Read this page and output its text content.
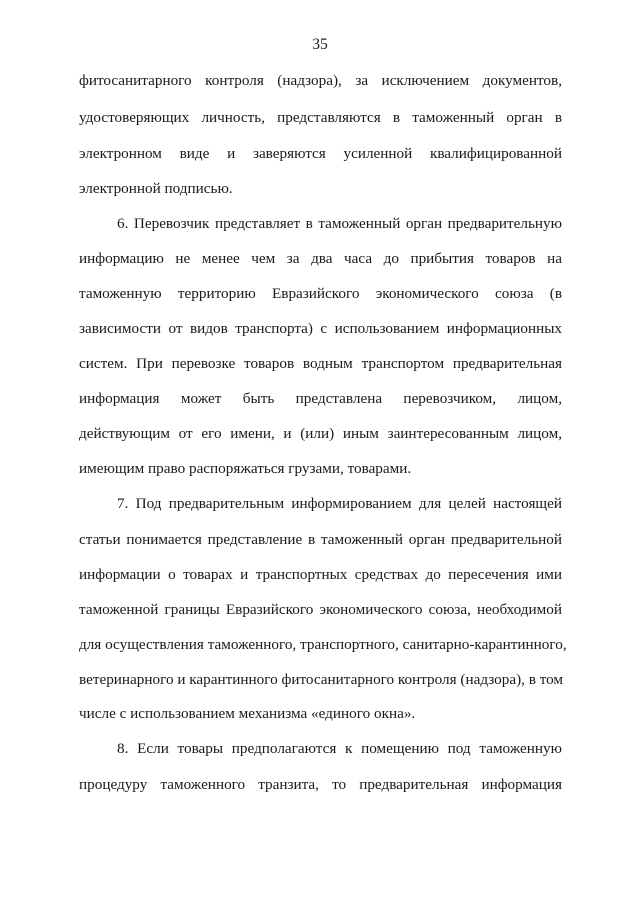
35
фитосанитарного контроля (надзора), за исключением документов,
удостоверяющих личность, представляются в таможенный орган в
электронном виде и заверяются усиленной квалифицированной
электронной подписью.
6. Перевозчик представляет в таможенный орган предварительную
информацию не менее чем за два часа до прибытия товаров на
таможенную территорию Евразийского экономического союза (в
зависимости от видов транспорта) с использованием информационных
систем. При перевозке товаров водным транспортом предварительная
информация может быть представлена перевозчиком, лицом,
действующим от его имени, и (или) иным заинтересованным лицом,
имеющим право распоряжаться грузами, товарами.
7. Под предварительным информированием для целей настоящей
статьи понимается представление в таможенный орган предварительной
информации о товарах и транспортных средствах до пересечения ими
таможенной границы Евразийского экономического союза, необходимой
для осуществления таможенного, транспортного, санитарно-карантинного,
ветеринарного и карантинного фитосанитарного контроля (надзора), в том
числе с использованием механизма «единого окна».
8. Если товары предполагаются к помещению под таможенную
процедуру таможенного транзита, то предварительная информация
